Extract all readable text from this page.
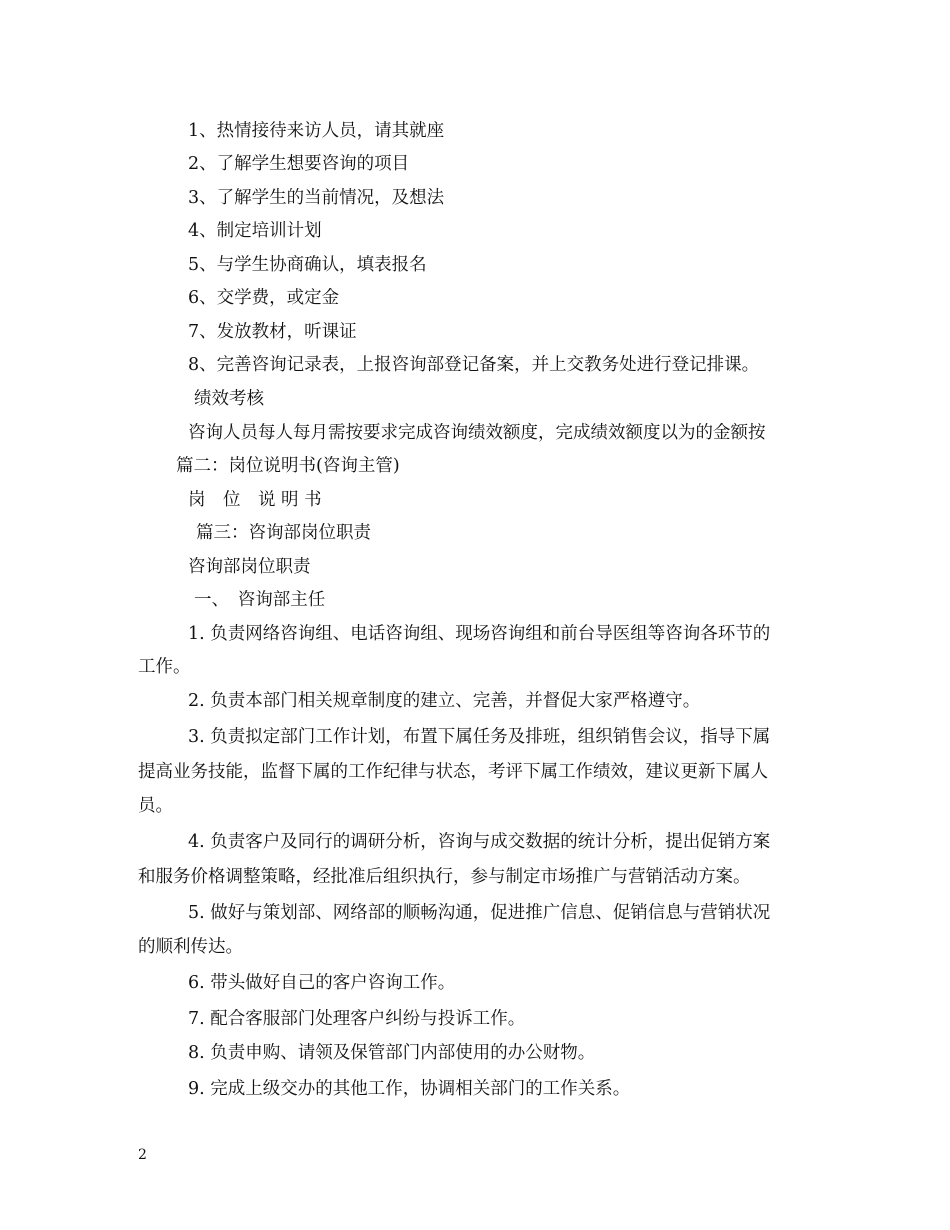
1、热情接待来访人员，请其就座
2、了解学生想要咨询的项目
3、了解学生的当前情况，及想法
4、制定培训计划
5、与学生协商确认，填表报名
6、交学费，或定金
7、发放教材，听课证
8、完善咨询记录表，上报咨询部登记备案，并上交教务处进行登记排课。
绩效考核
咨询人员每人每月需按要求完成咨询绩效额度，完成绩效额度以为的金额按
篇二：岗位说明书(咨询主管)
岗　位　说 明 书
篇三：咨询部岗位职责
咨询部岗位职责
一、　咨询部主任
1. 负责网络咨询组、电话咨询组、现场咨询组和前台导医组等咨询各环节的
工作。
2. 负责本部门相关规章制度的建立、完善，并督促大家严格遵守。
3. 负责拟定部门工作计划，布置下属任务及排班，组织销售会议，指导下属
提高业务技能，监督下属的工作纪律与状态，考评下属工作绩效，建议更新下属人
员。
4. 负责客户及同行的调研分析，咨询与成交数据的统计分析，提出促销方案
和服务价格调整策略，经批准后组织执行，参与制定市场推广与营销活动方案。
5. 做好与策划部、网络部的顺畅沟通，促进推广信息、促销信息与营销状况
的顺利传达。
6. 带头做好自己的客户咨询工作。
7. 配合客服部门处理客户纠纷与投诉工作。
8. 负责申购、请领及保管部门内部使用的办公财物。
9. 完成上级交办的其他工作，协调相关部门的工作关系。
2
